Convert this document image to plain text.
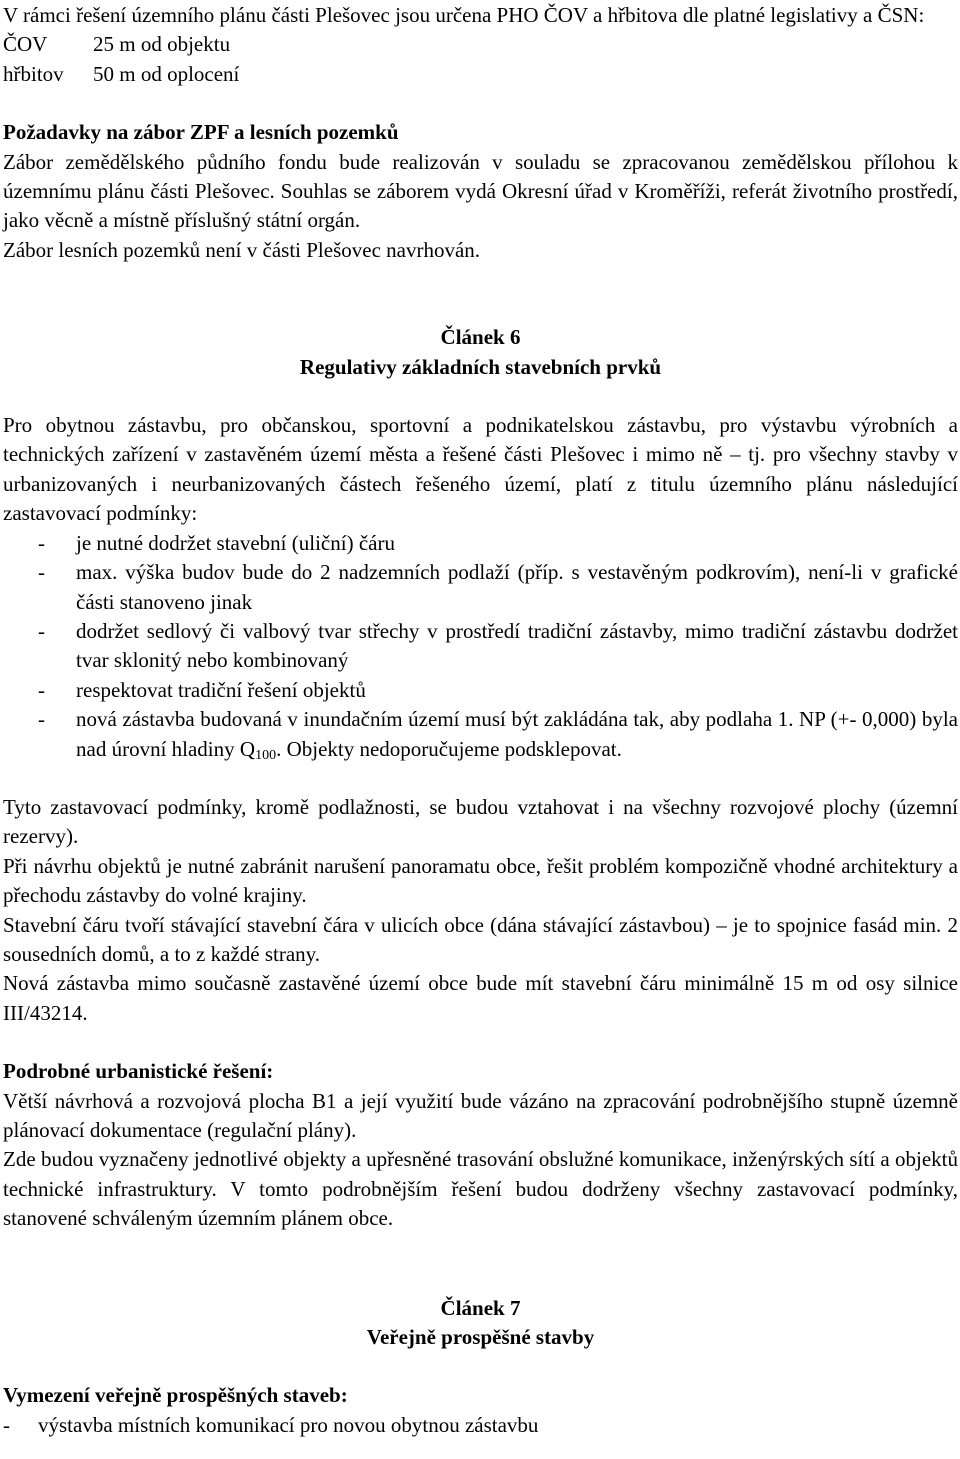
V rámci řešení územního plánu části Plešovec jsou určena PHO ČOV a hřbitova dle platné legislativy a ČSN:

ČOV	25 m od objektu
hřbitov	50 m od oplocení

Požadavky na zábor ZPF a lesních pozemků

Zábor zemědělského půdního fondu bude realizován v souladu se zpracovanou zemědělskou přílohou k územnímu plánu části Plešovec. Souhlas se záborem vydá Okresní úřad v Kroměříži, referát životního prostředí, jako věcně a místně příslušný státní orgán.

Zábor lesních pozemků není v části Plešovec navrhován.

Článek 6

Regulativy základních stavebních prvků

Pro obytnou zástavbu, pro občanskou, sportovní a podnikatelskou zástavbu, pro výstavbu výrobních a technických zařízení v zastavěném území města a řešené části Plešovec i mimo ně – tj. pro všechny stavby v urbanizovaných i neurbanizovaných částech řešeného území, platí z titulu územního plánu následující zastavovací podmínky:

- je nutné dodržet stavební (uliční) čáru
- max. výška budov bude do 2 nadzemních podlaží (příp. s vestavěným podkrovím), není-li v grafické části stanoveno jinak
- dodržet sedlový či valbový tvar střechy v prostředí tradiční zástavby, mimo tradiční zástavbu dodržet tvar sklonitý nebo kombinovaný
- respektovat tradiční řešení objektů
- nová zástavba budovaná v inundačním území musí být zakládána tak, aby podlaha 1. NP (+- 0,000) byla nad úrovní hladiny $Q_{100}$. Objekty nedoporučujeme podsklepovat.

Tyto zastavovací podmínky, kromě podlažnosti, se budou vztahovat i na všechny rozvojové plochy (územní rezervy).

Při návrhu objektů je nutné zabránit narušení panoramatu obce, řešit problém kompozičně vhodné architektury a přechodu zástavby do volné krajiny.

Stavební čáru tvoří stávající stavební čára v ulicích obce (dána stávající zástavbou) – je to spojnice fasád min. 2 sousedních domů, a to z každé strany.

Nová zástavba mimo současně zastavěné území obce bude mít stavební čáru minimálně 15 m od osy silnice III/43214.

Podrobné urbanistické řešení:

Větší návrhová a rozvojová plocha B1 a její využití bude vázáno na zpracování podrobnějšího stupně územně plánovací dokumentace (regulační plány).

Zde budou vyznačeny jednotlivé objekty a upřesněné trasování obslužné komunikace, inženýrských sítí a objektů technické infrastruktury. V tomto podrobnějším řešení budou dodrženy všechny zastavovací podmínky, stanovené schváleným územním plánem obce.

Článek 7

Veřejně prospěšné stavby

Vymezení veřejně prospěšných staveb:

- výstavba místních komunikací pro novou obytnou zástavbu
